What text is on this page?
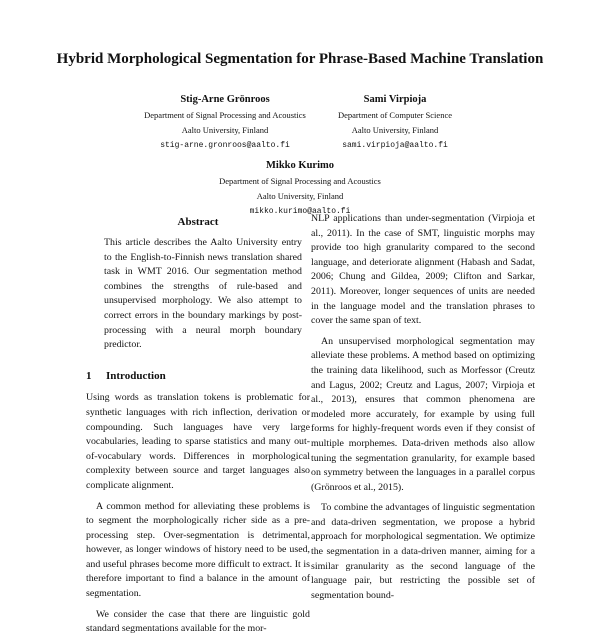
Hybrid Morphological Segmentation for Phrase-Based Machine Translation
Stig-Arne Grönroos
Department of Signal Processing and Acoustics
Aalto University, Finland
stig-arne.gronroos@aalto.fi
Sami Virpioja
Department of Computer Science
Aalto University, Finland
sami.virpioja@aalto.fi
Mikko Kurimo
Department of Signal Processing and Acoustics
Aalto University, Finland
mikko.kurimo@aalto.fi
Abstract

This article describes the Aalto University entry to the English-to-Finnish news translation shared task in WMT 2016. Our segmentation method combines the strengths of rule-based and unsupervised morphology. We also attempt to correct errors in the boundary markings by post-processing with a neural morph boundary predictor.

1 Introduction

Using words as translation tokens is problematic for synthetic languages with rich inflection, derivation or compounding. Such languages have very large vocabularies, leading to sparse statistics and many out-of-vocabulary words. Differences in morphological complexity between source and target languages also complicate alignment.

A common method for alleviating these problems is to segment the morphologically richer side as a pre-processing step. Over-segmentation is detrimental, however, as longer windows of history need to be used, and useful phrases become more difficult to extract. It is therefore important to find a balance in the amount of segmentation.

We consider the case that there are linguistic gold standard segmentations available for the mor-

NLP applications than under-segmentation (Virpioja et al., 2011). In the case of SMT, linguistic morphs may provide too high granularity compared to the second language, and deteriorate alignment (Habash and Sadat, 2006; Chung and Gildea, 2009; Clifton and Sarkar, 2011). Moreover, longer sequences of units are needed in the language model and the translation phrases to cover the same span of text.

An unsupervised morphological segmentation may alleviate these problems. A method based on optimizing the training data likelihood, such as Morfessor (Creutz and Lagus, 2002; Creutz and Lagus, 2007; Virpioja et al., 2013), ensures that common phenomena are modeled more accurately, for example by using full forms for highly-frequent words even if they consist of multiple morphemes. Data-driven methods also allow tuning the segmentation granularity, for example based on symmetry between the languages in a parallel corpus (Grönroos et al., 2015).

To combine the advantages of linguistic segmentation and data-driven segmentation, we propose a hybrid approach for morphological segmentation. We optimize the segmentation in a data-driven manner, aiming for a similar granularity as the second language of the language pair, but restricting the possible set of segmentation bound-
